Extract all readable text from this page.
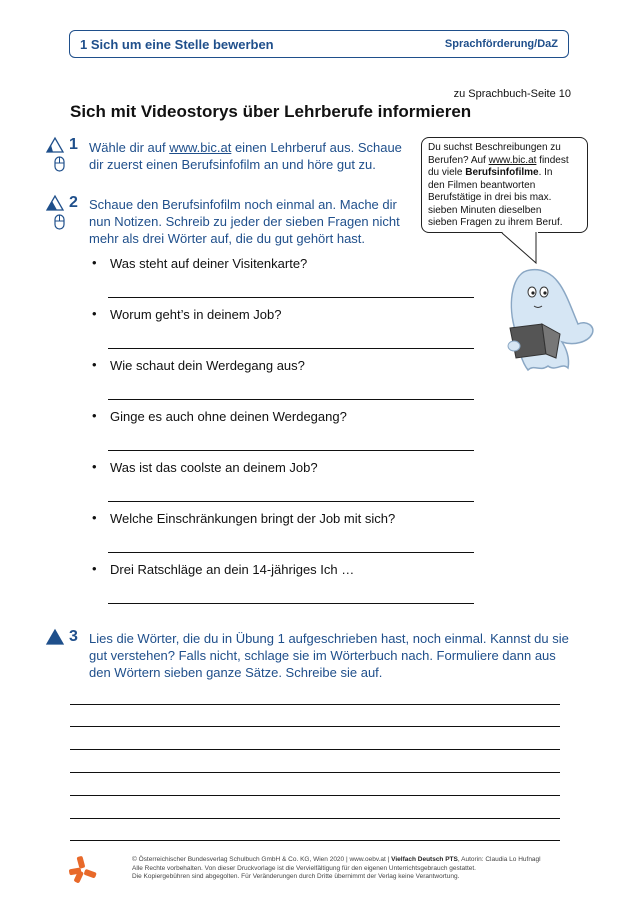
1 Sich um eine Stelle bewerben	Sprachförderung/DaZ
zu Sprachbuch-Seite 10
Sich mit Videostorys über Lehrberufe informieren
1 Wähle dir auf www.bic.at einen Lehrberuf aus. Schaue
dir zuerst einen Berufsinfofilm an und höre gut zu.
2 Schaue den Berufsinfofilm noch einmal an. Mache dir
nun Notizen. Schreib zu jeder der sieben Fragen nicht
mehr als drei Wörter auf, die du gut gehört hast.
Du suchst Beschreibungen zu
Berufen? Auf www.bic.at findest
du viele Berufsinfofilme. In
den Filmen beantworten
Berufstätige in drei bis max.
sieben Minuten dieselben
sieben Fragen zu ihrem Beruf.
• Was steht auf deiner Visitenkarte?
• Worum geht’s in deinem Job?
• Wie schaut dein Werdegang aus?
• Ginge es auch ohne deinen Werdegang?
• Was ist das coolste an deinem Job?
• Welche Einschränkungen bringt der Job mit sich?
• Drei Ratschläge an dein 14-jähriges Ich …
3 Lies die Wörter, die du in Übung 1 aufgeschrieben hast, noch einmal. Kannst du sie
gut verstehen? Falls nicht, schlage sie im Wörterbuch nach. Formuliere dann aus
den Wörtern sieben ganze Sätze. Schreibe sie auf.
© Österreichischer Bundesverlag Schulbuch GmbH & Co. KG, Wien 2020 | www.oebv.at | Vielfach Deutsch PTS, Autorin: Claudia Lo Hufnagl
Alle Rechte vorbehalten. Von dieser Druckvorlage ist die Vervielfältigung für den eigenen Unterrichtsgebrauch gestattet.
Die Kopiergebühren sind abgegolten. Für Veränderungen durch Dritte übernimmt der Verlag keine Verantwortung.
